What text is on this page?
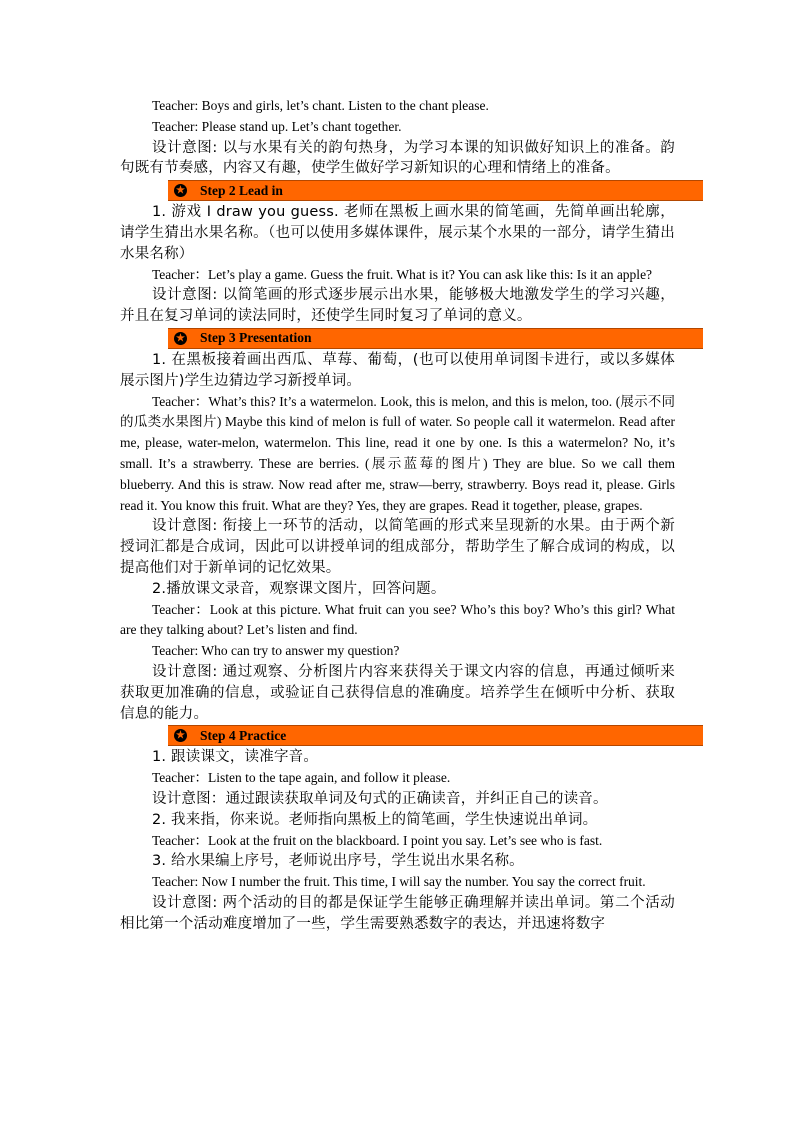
Teacher: Boys and girls, let’s chant. Listen to the chant please.

Teacher: Please stand up. Let’s chant together.

设计意图: 以与水果有关的韵句热身，为学习本课的知识做好知识上的准备。韵句既有节奏感，内容又有趣，使学生做好学习新知识的心理和情绪上的准备。

★ Step 2 Lead in

1. 游戏 I draw you guess. 老师在黑板上画水果的简笔画，先简单画出轮廓，请学生猜出水果名称。（也可以使用多媒体课件，展示某个水果的一部分，请学生猜出水果名称）

Teacher：Let’s play a game. Guess the fruit. What is it? You can ask like this: Is it an apple?

设计意图: 以简笔画的形式逐步展示出水果，能够极大地激发学生的学习兴趣，并且在复习单词的读法同时，还使学生同时复习了单词的意义。

★ Step 3 Presentation

1. 在黑板接着画出西瓜、草莓、葡萄，(也可以使用单词图卡进行，或以多媒体展示图片)学生边猜边学习新授单词。

Teacher：What’s this? It’s a watermelon. Look, this is melon, and this is melon, too. (展示不同的瓜类水果图片) Maybe this kind of melon is full of water. So people call it watermelon. Read after me, please, water-melon, watermelon. This line, read it one by one. Is this a watermelon? No, it’s small. It’s a strawberry. These are berries. (展示蓝莓的图片) They are blue. So we call them blueberry. And this is straw. Now read after me, straw—berry, strawberry. Boys read it, please. Girls read it. You know this fruit. What are they? Yes, they are grapes. Read it together, please, grapes.

设计意图: 衔接上一环节的活动，以简笔画的形式来呈现新的水果。由于两个新授词汇都是合成词，因此可以讲授单词的组成部分，帮助学生了解合成词的构成，以提高他们对于新单词的记忆效果。

2.播放课文录音，观察课文图片，回答问题。

Teacher：Look at this picture. What fruit can you see? Who’s this boy? Who’s this girl? What are they talking about? Let’s listen and find.

Teacher: Who can try to answer my question?

设计意图: 通过观察、分析图片内容来获得关于课文内容的信息，再通过倾听来获取更加准确的信息，或验证自己获得信息的准确度。培养学生在倾听中分析、获取信息的能力。

★ Step 4 Practice

1. 跟读课文，读准字音。

Teacher：Listen to the tape again, and follow it please.

设计意图：通过跟读获取单词及句式的正确读音，并纠正自己的读音。

2. 我来指，你来说。老师指向黑板上的简笔画，学生快速说出单词。

Teacher：Look at the fruit on the blackboard. I point you say. Let’s see who is fast.

3. 给水果编上序号，老师说出序号，学生说出水果名称。

Teacher: Now I number the fruit. This time, I will say the number. You say the correct fruit.

设计意图: 两个活动的目的都是保证学生能够正确理解并读出单词。第二个活动相比第一个活动难度增加了一些，学生需要熟悉数字的表达，并迅速将数字
